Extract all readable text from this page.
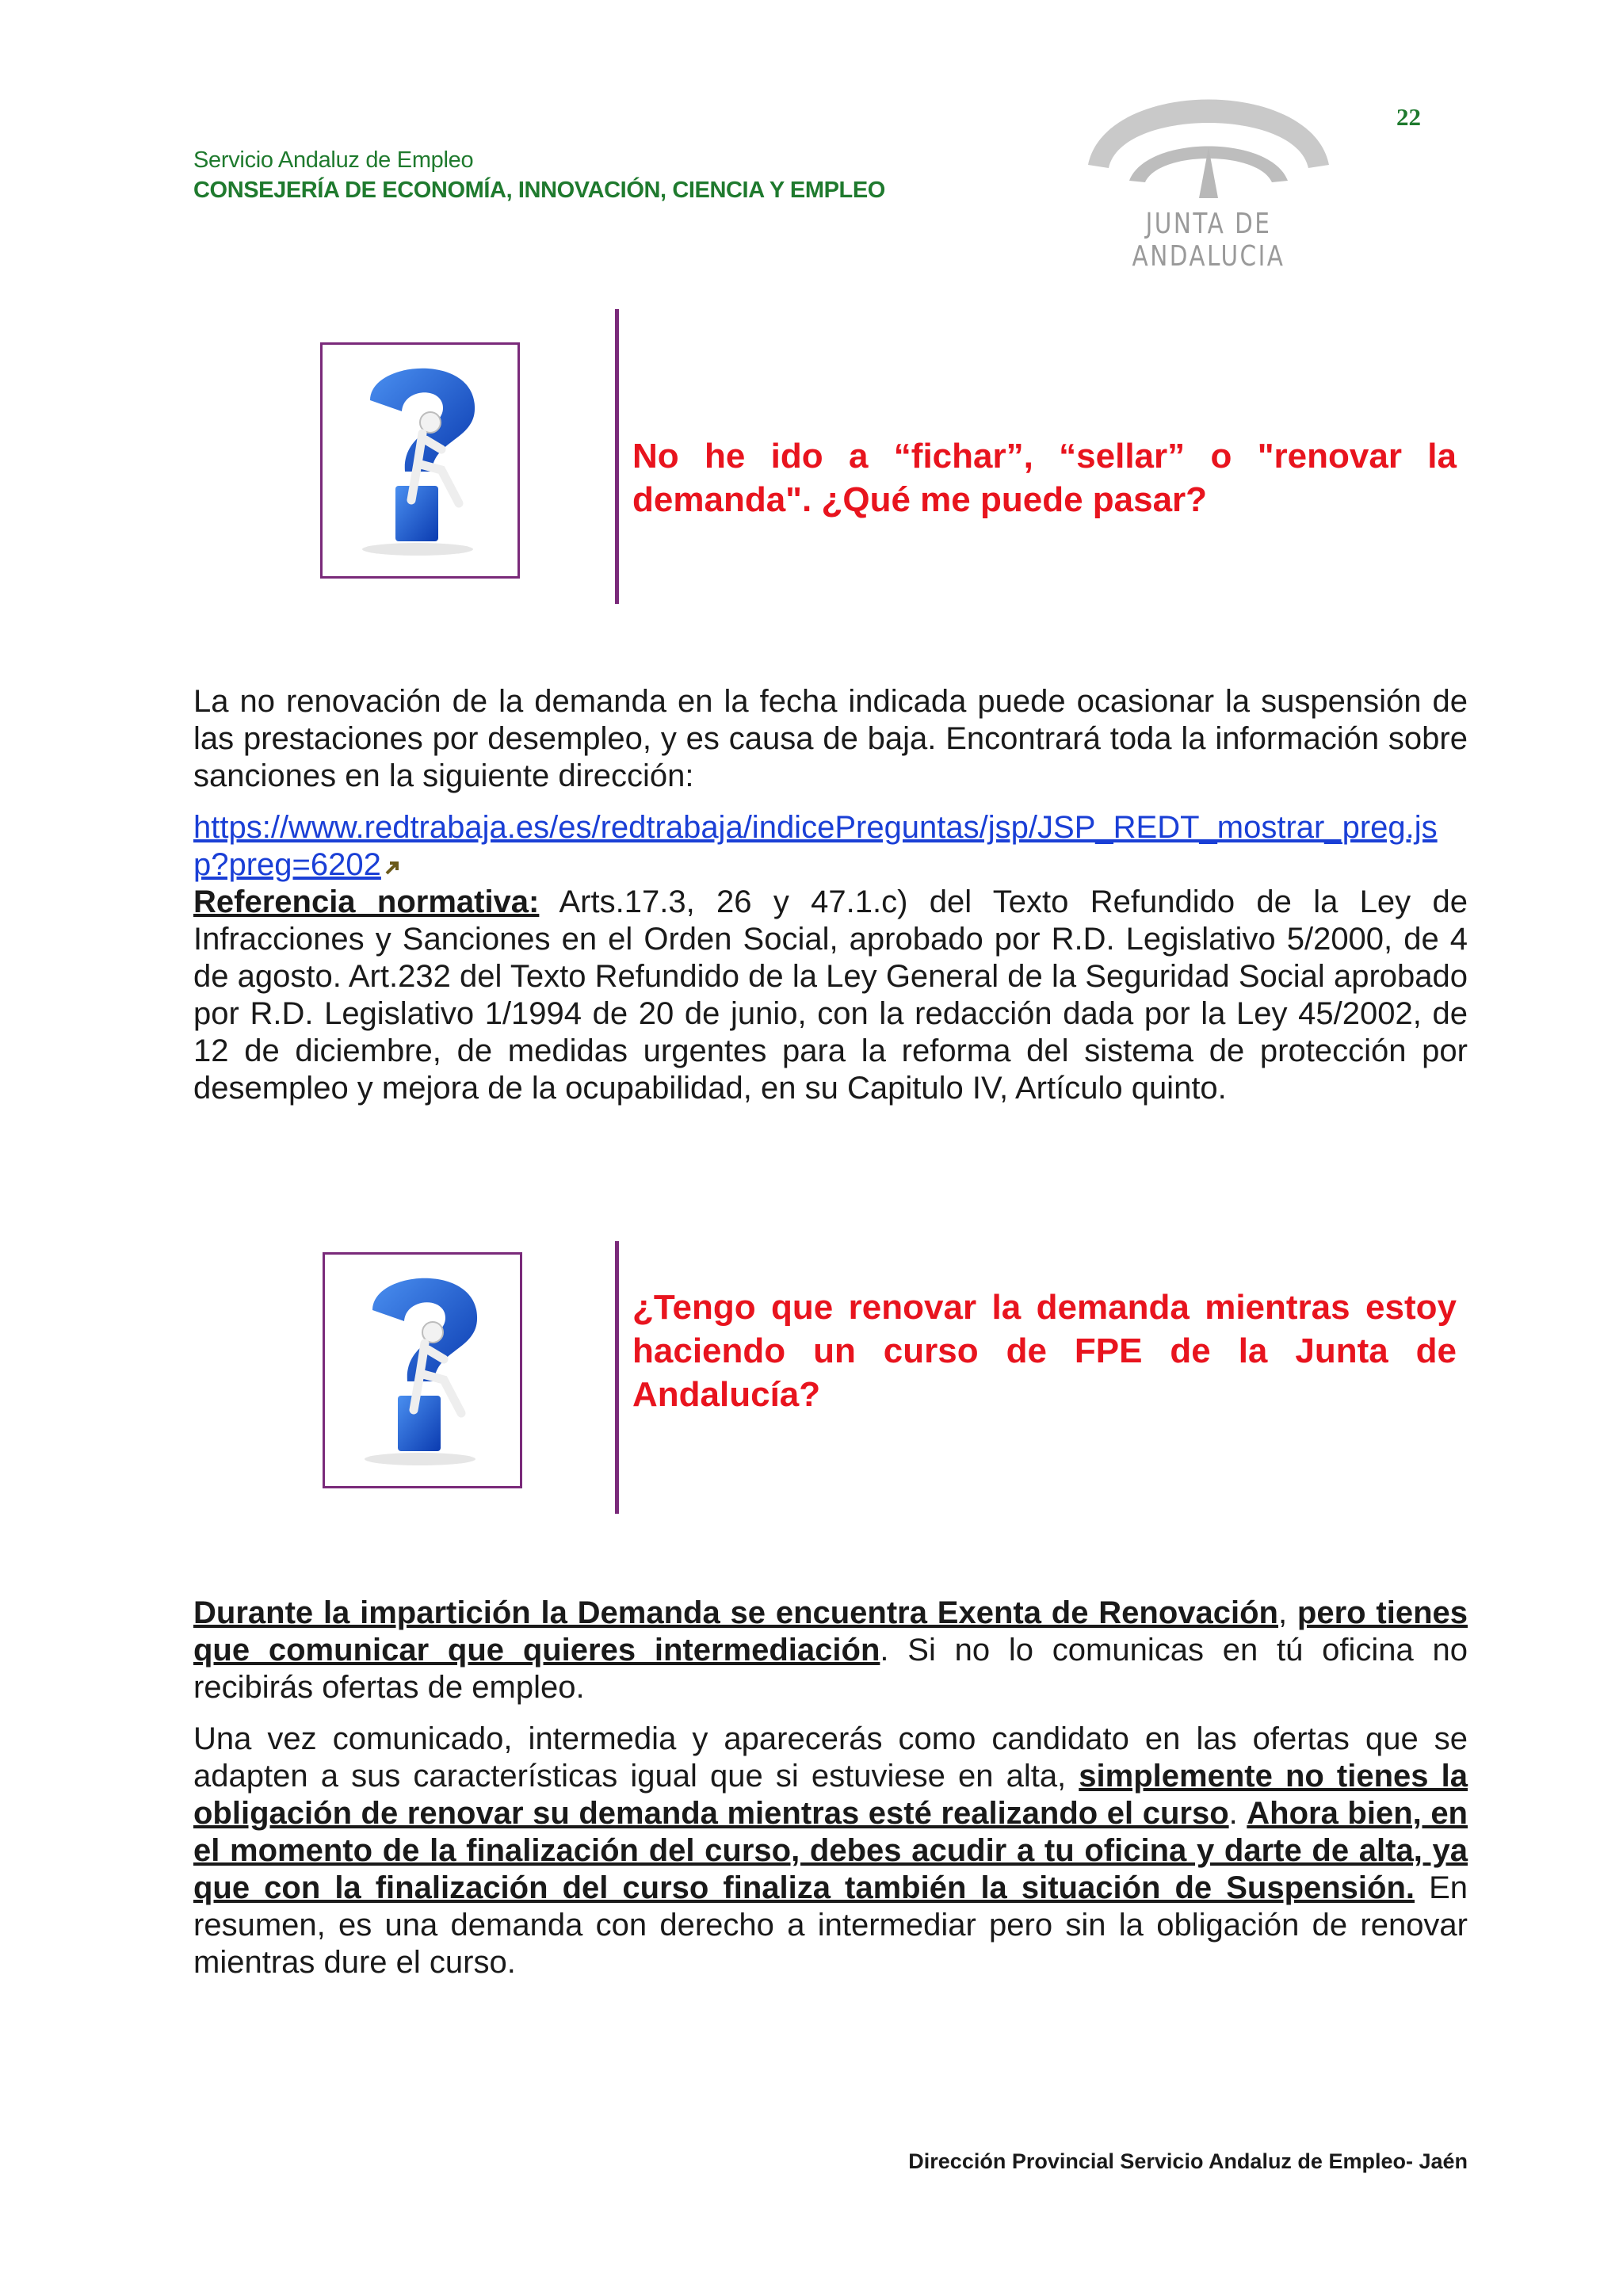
Servicio Andaluz de Empleo
CONSEJERÍA DE ECONOMÍA, INNOVACIÓN, CIENCIA Y EMPLEO
JUNTA DE ANDALUCIA
22
No he ido a “fichar”, “sellar” o "renovar la demanda". ¿Qué me puede pasar?

La no renovación de la demanda en la fecha indicada puede ocasionar la suspensión de las prestaciones por desempleo, y es causa de baja. Encontrará toda la información sobre sanciones en la siguiente dirección:

https://www.redtrabaja.es/es/redtrabaja/indicePreguntas/jsp/JSP_REDT_mostrar_preg.jsp?preg=6202

Referencia normativa: Arts.17.3, 26 y 47.1.c) del Texto Refundido de la Ley de Infracciones y Sanciones en el Orden Social, aprobado por R.D. Legislativo 5/2000, de 4 de agosto. Art.232 del Texto Refundido de la Ley General de la Seguridad Social aprobado por R.D. Legislativo 1/1994 de 20 de junio, con la redacción dada por la Ley 45/2002, de 12 de diciembre, de medidas urgentes para la reforma del sistema de protección por desempleo y mejora de la ocupabilidad, en su Capitulo IV, Artículo quinto.

¿Tengo que renovar la demanda mientras estoy haciendo un curso de FPE de la Junta de Andalucía?

Durante la impartición la Demanda se encuentra Exenta de Renovación, pero tienes que comunicar que quieres intermediación. Si no lo comunicas en tú oficina no recibirás ofertas de empleo.

Una vez comunicado, intermedia y aparecerás como candidato en las ofertas que se adapten a sus características igual que si estuviese en alta, simplemente no tienes la obligación de renovar su demanda mientras esté realizando el curso. Ahora bien, en el momento de la finalización del curso, debes acudir a tu oficina y darte de alta, ya que con la finalización del curso finaliza también la situación de Suspensión. En resumen, es una demanda con derecho a intermediar pero sin la obligación de renovar mientras dure el curso.

Dirección Provincial Servicio Andaluz de Empleo- Jaén
